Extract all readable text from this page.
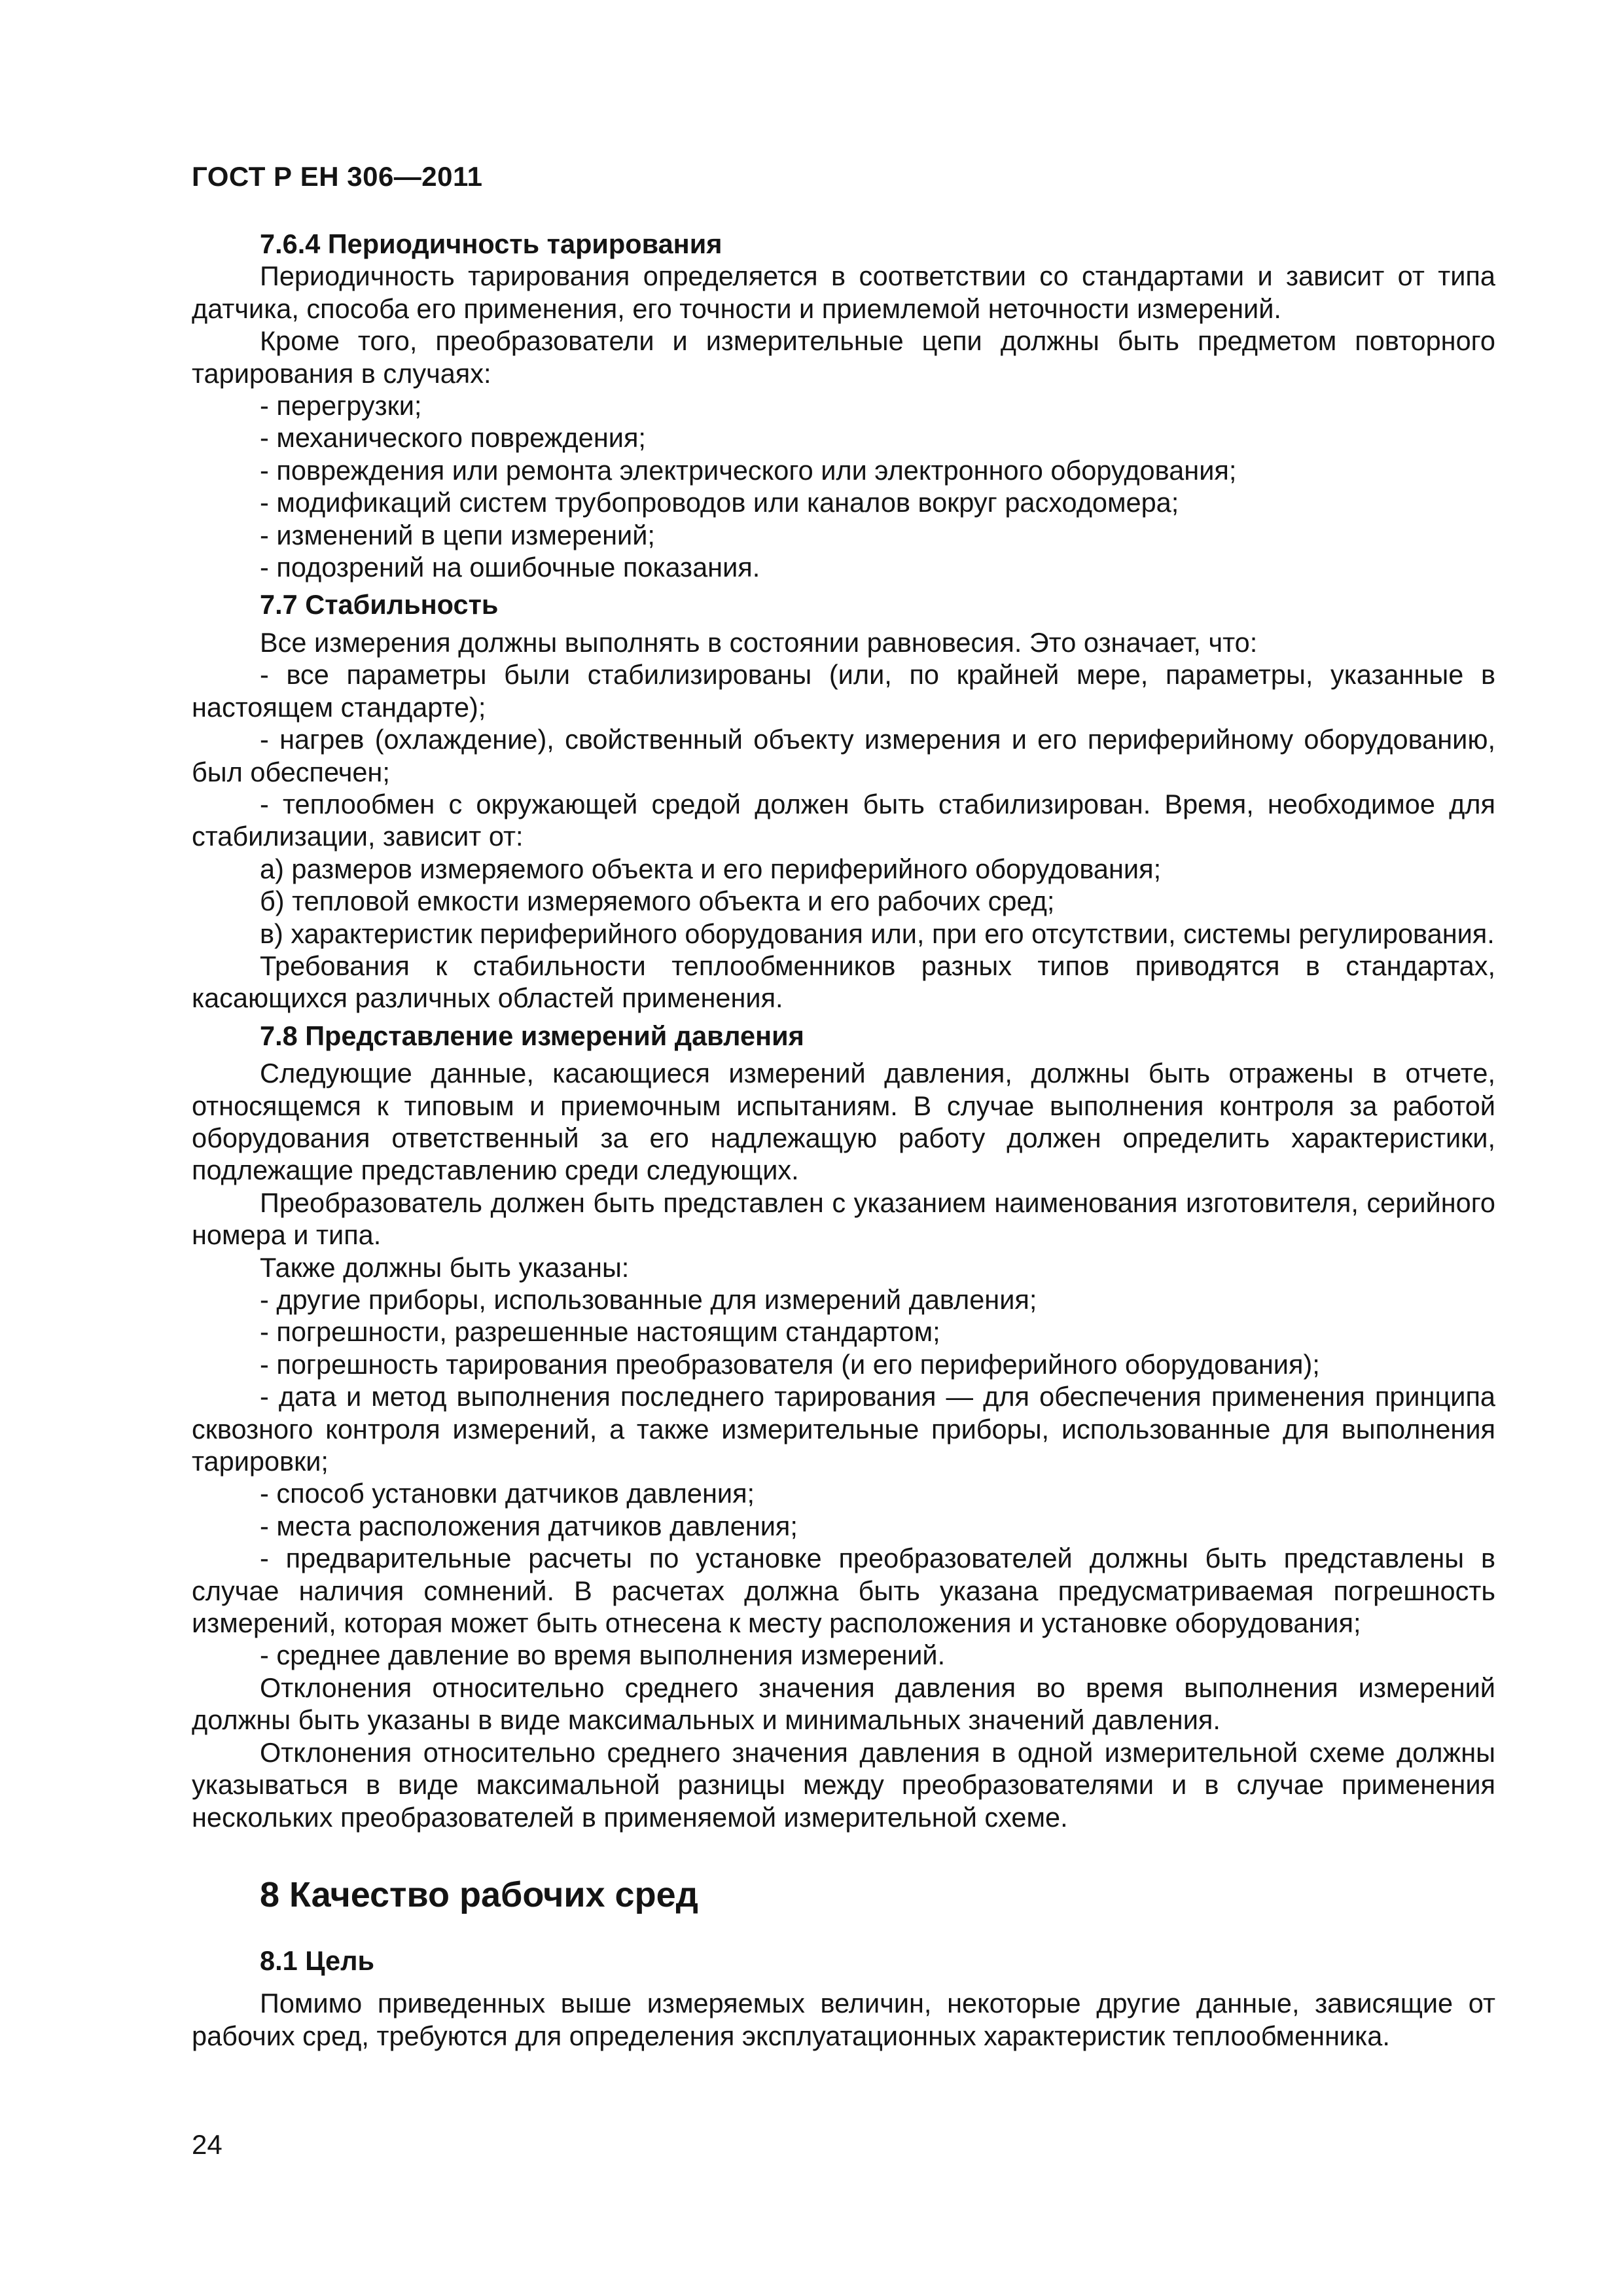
ГОСТ Р ЕН 306—2011

7.6.4 Периодичность тарирования

Периодичность тарирования определяется в соответствии со стандартами и зависит от типа датчика, способа его применения, его точности и приемлемой неточности измерений.

Кроме того, преобразователи и измерительные цепи должны быть предметом повторного тарирования в случаях:

- перегрузки;

- механического повреждения;

- повреждения или ремонта электрического или электронного оборудования;

- модификаций систем трубопроводов или каналов вокруг расходомера;

- изменений в цепи измерений;

- подозрений на ошибочные показания.

7.7 Стабильность

Все измерения должны выполнять в состоянии равновесия. Это означает, что:

- все параметры были стабилизированы (или, по крайней мере, параметры, указанные в настоящем стандарте);

- нагрев (охлаждение), свойственный объекту измерения и его периферийному оборудованию, был обеспечен;

- теплообмен с окружающей средой должен быть стабилизирован. Время, необходимое для стабилизации, зависит от:

а) размеров измеряемого объекта и его периферийного оборудования;

б) тепловой емкости измеряемого объекта и его рабочих сред;

в) характеристик периферийного оборудования или, при его отсутствии, системы регулирования.

Требования к стабильности теплообменников разных типов приводятся в стандартах, касающихся различных областей применения.

7.8 Представление измерений давления

Следующие данные, касающиеся измерений давления, должны быть отражены в отчете, относящемся к типовым и приемочным испытаниям. В случае выполнения контроля за работой оборудования ответственный за его надлежащую работу должен определить характеристики, подлежащие представлению среди следующих.

Преобразователь должен быть представлен с указанием наименования изготовителя, серийного номера и типа.

Также должны быть указаны:

- другие приборы, использованные для измерений давления;

- погрешности, разрешенные настоящим стандартом;

- погрешность тарирования преобразователя (и его периферийного оборудования);

- дата и метод выполнения последнего тарирования — для обеспечения применения принципа сквозного контроля измерений, а также измерительные приборы, использованные для выполнения тарировки;

- способ установки датчиков давления;

- места расположения датчиков давления;

- предварительные расчеты по установке преобразователей должны быть представлены в случае наличия сомнений. В расчетах должна быть указана предусматриваемая погрешность измерений, которая может быть отнесена к месту расположения и установке оборудования;

- среднее давление во время выполнения измерений.

Отклонения относительно среднего значения давления во время выполнения измерений должны быть указаны в виде максимальных и минимальных значений давления.

Отклонения относительно среднего значения давления в одной измерительной схеме должны указываться в виде максимальной разницы между преобразователями и в случае применения нескольких преобразователей в применяемой измерительной схеме.

8 Качество рабочих сред

8.1 Цель

Помимо приведенных выше измеряемых величин, некоторые другие данные, зависящие от рабочих сред, требуются для определения эксплуатационных характеристик теплообменника.

24
